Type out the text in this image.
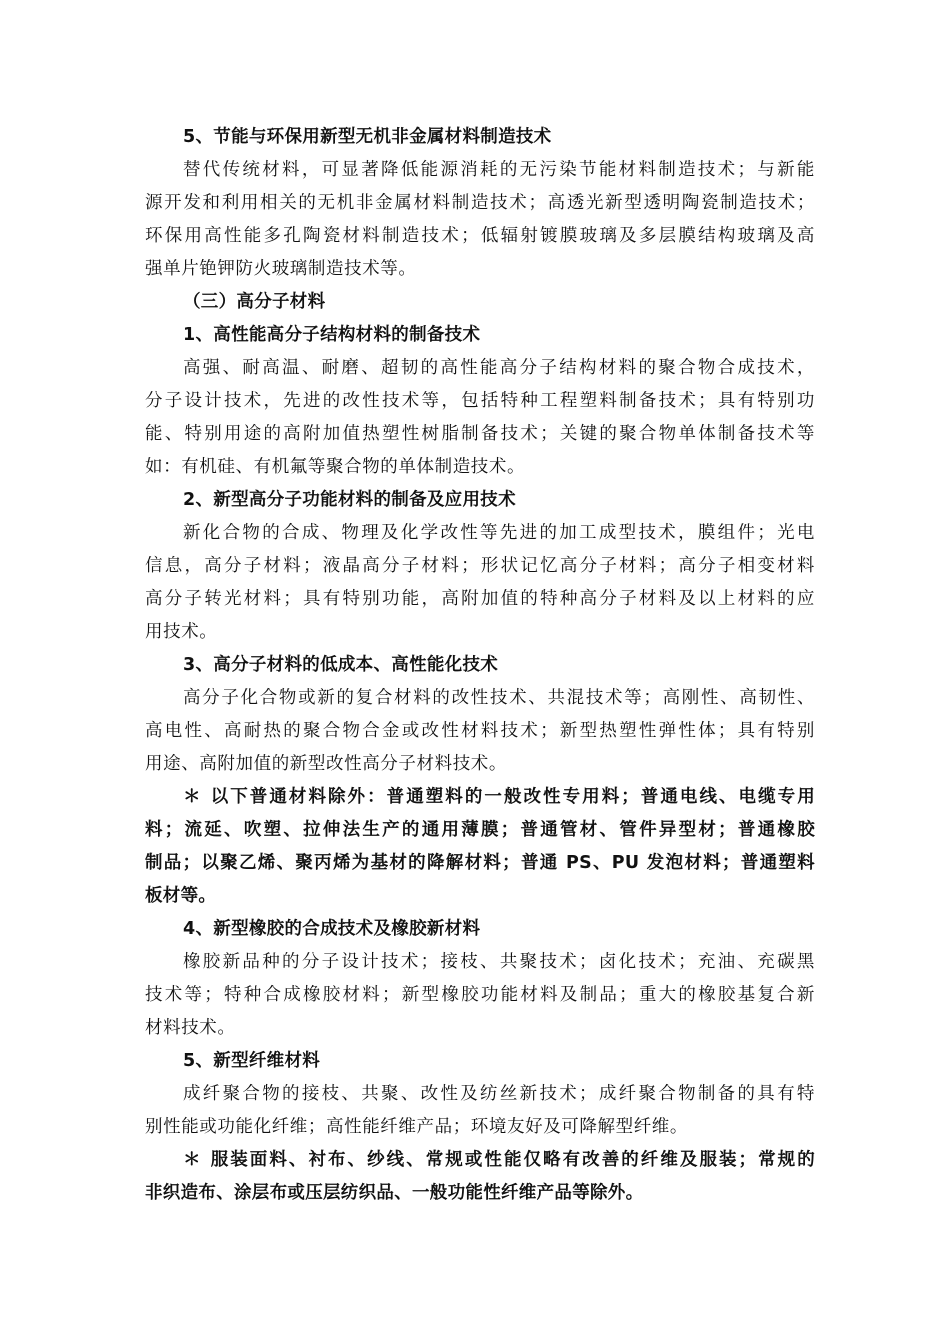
5、节能与环保用新型无机非金属材料制造技术
替代传统材料，可显著降低能源消耗的无污染节能材料制造技术；与新能
源开发和利用相关的无机非金属材料制造技术；高透光新型透明陶瓷制造技术；
环保用高性能多孔陶瓷材料制造技术；低辐射镀膜玻璃及多层膜结构玻璃及高
强单片铯钾防火玻璃制造技术等。
（三）高分子材料
1、高性能高分子结构材料的制备技术
高强、耐高温、耐磨、超韧的高性能高分子结构材料的聚合物合成技术，
分子设计技术，先进的改性技术等，包括特种工程塑料制备技术；具有特别功
能、特别用途的高附加值热塑性树脂制备技术；关键的聚合物单体制备技术等
如：有机硅、有机氟等聚合物的单体制造技术。
2、新型高分子功能材料的制备及应用技术
新化合物的合成、物理及化学改性等先进的加工成型技术，膜组件；光电
信息，高分子材料；液晶高分子材料；形状记忆高分子材料；高分子相变材料
高分子转光材料；具有特别功能，高附加值的特种高分子材料及以上材料的应
用技术。
3、高分子材料的低成本、高性能化技术
高分子化合物或新的复合材料的改性技术、共混技术等；高刚性、高韧性、
高电性、高耐热的聚合物合金或改性材料技术；新型热塑性弹性体；具有特别
用途、高附加值的新型改性高分子材料技术。
＊ 以下普通材料除外：普通塑料的一般改性专用料；普通电线、电缆专用
料；流延、吹塑、拉伸法生产的通用薄膜；普通管材、管件异型材；普通橡胶
制品；以聚乙烯、聚丙烯为基材的降解材料；普通 PS、PU 发泡材料；普通塑料
板材等。
4、新型橡胶的合成技术及橡胶新材料
橡胶新品种的分子设计技术；接枝、共聚技术；卤化技术；充油、充碳黑
技术等；特种合成橡胶材料；新型橡胶功能材料及制品；重大的橡胶基复合新
材料技术。
5、新型纤维材料
成纤聚合物的接枝、共聚、改性及纺丝新技术；成纤聚合物制备的具有特
别性能或功能化纤维；高性能纤维产品；环境友好及可降解型纤维。
＊ 服装面料、衬布、纱线、常规或性能仅略有改善的纤维及服装；常规的
非织造布、涂层布或压层纺织品、一般功能性纤维产品等除外。
